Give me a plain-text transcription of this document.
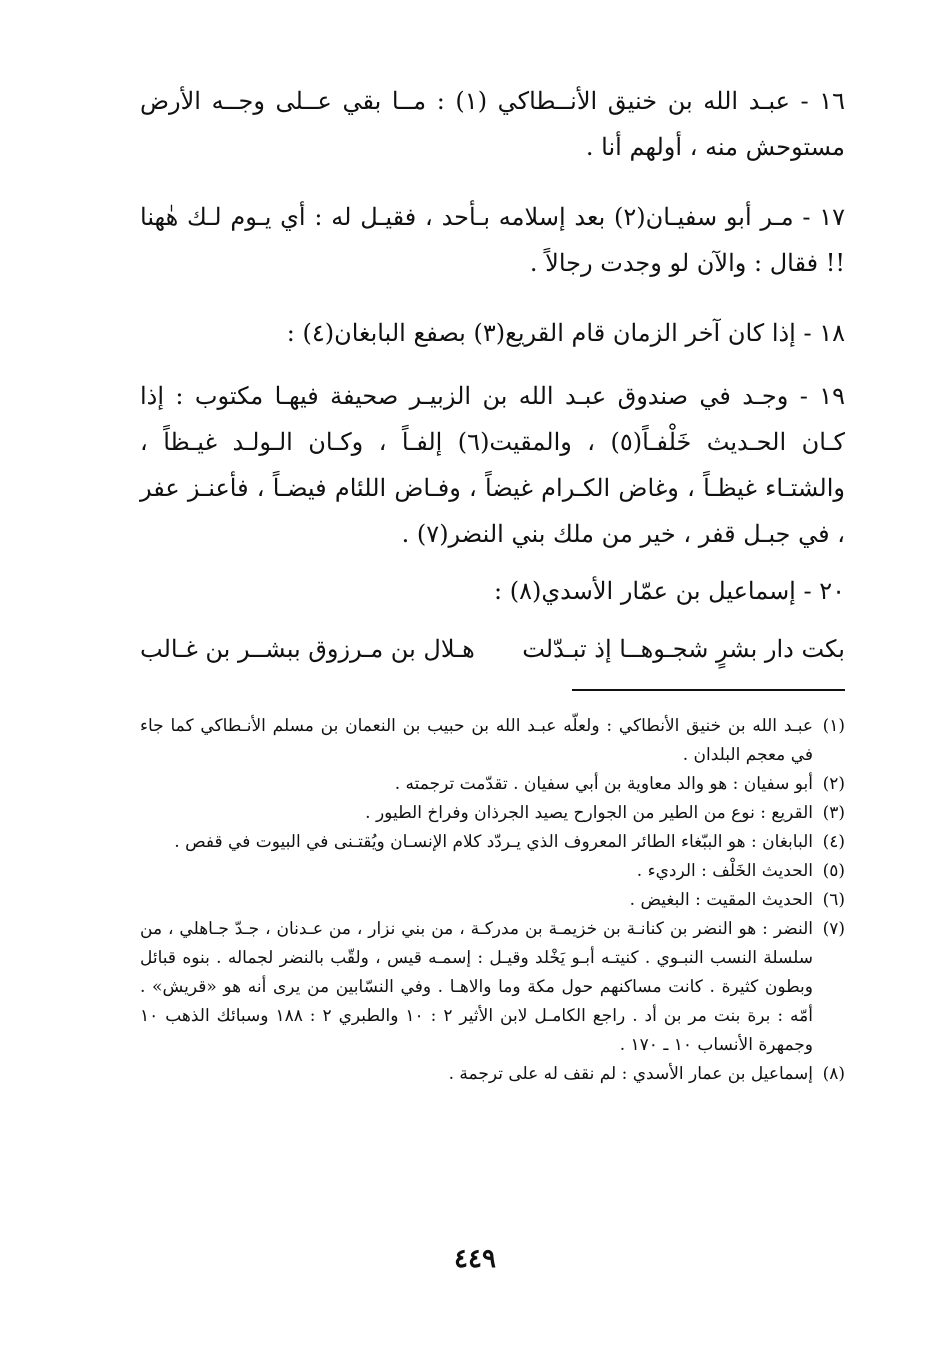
١٦ - عبـد الله بن خنيق الأنــطاكي (١) : مــا بقي عــلى وجــه الأرض مستوحش منه ، أولهم أنا .

١٧ - مـر أبو سفيـان(٢) بعد إسلامه بـأحد ، فقيـل له : أي يـوم لـك هٰهنا !! فقال : والآن لو وجدت رجالاً .

١٨ - إذا كان آخر الزمان قام القريع(٣) بصفع البابغان(٤) :

١٩ - وجـد في صندوق عبـد الله بن الزبيـر صحيفة فيهـا مكتوب : إذا كـان الحـديث خَلْفـاً(٥) ، والمقيت(٦) إلفـاً ، وكـان الـولـد غيـظاً ، والشتـاء غيظـاً ، وغاض الكـرام غيضاً ، وفـاض اللئام فيضـاً ، فأعنـز عفر ، في جبـل قفر ، خير من ملك بني النضر(٧) .

٢٠ - إسماعيل بن عمّار الأسدي(٨) :

بكت دار بشرٍ شجـوهــا إذ تبـدّلت
هـلال بن مـرزوق ببشــر بن غـالب
(١)
عبـد الله بن خنيق الأنطاكي : ولعلّه عبـد الله بن حبيب بن النعمان بن مسلم الأنـطاكي كما جاء في معجم البلدان .
(٢)
أبو سفيان : هو والد معاوية بن أبي سفيان . تقدّمت ترجمته .
(٣)
القريع : نوع من الطير من الجوارح يصيد الجرذان وفراخ الطيور .
(٤)
البابغان : هو الببّغاء الطائر المعروف الذي يـردّد كلام الإنسـان ويُقتـنى في البيوت في قفص .
(٥)
الحديث الخَلْف : الرديء .
(٦)
الحديث المقيت : البغيض .
(٧)
النضر : هو النضر بن كنانـة بن خزيمـة بن مدركـة ، من بني نزار ، من عـدنان ، جـدّ جـاهلي ، من سلسلة النسب النبـوي . كنيتـه أبـو يَخْلد وقيـل : إسمـه قيس ، ولقّب بالنضر لجماله . بنوه قبائل وبطون كثيرة . كانت مساكنهم حول مكة وما والاهـا . وفي النسّابين من يرى أنه هو «قريش» . أمّه : برة بنت مر بن أد . راجع الكامـل لابن الأثير ٢ : ١٠ والطبري ٢ : ١٨٨ وسبائك الذهب ١٠ وجمهرة الأنساب ١٠ ـ ١٧٠ .
(٨)
إسماعيل بن عمار الأسدي : لم نقف له على ترجمة .
٤٤٩
